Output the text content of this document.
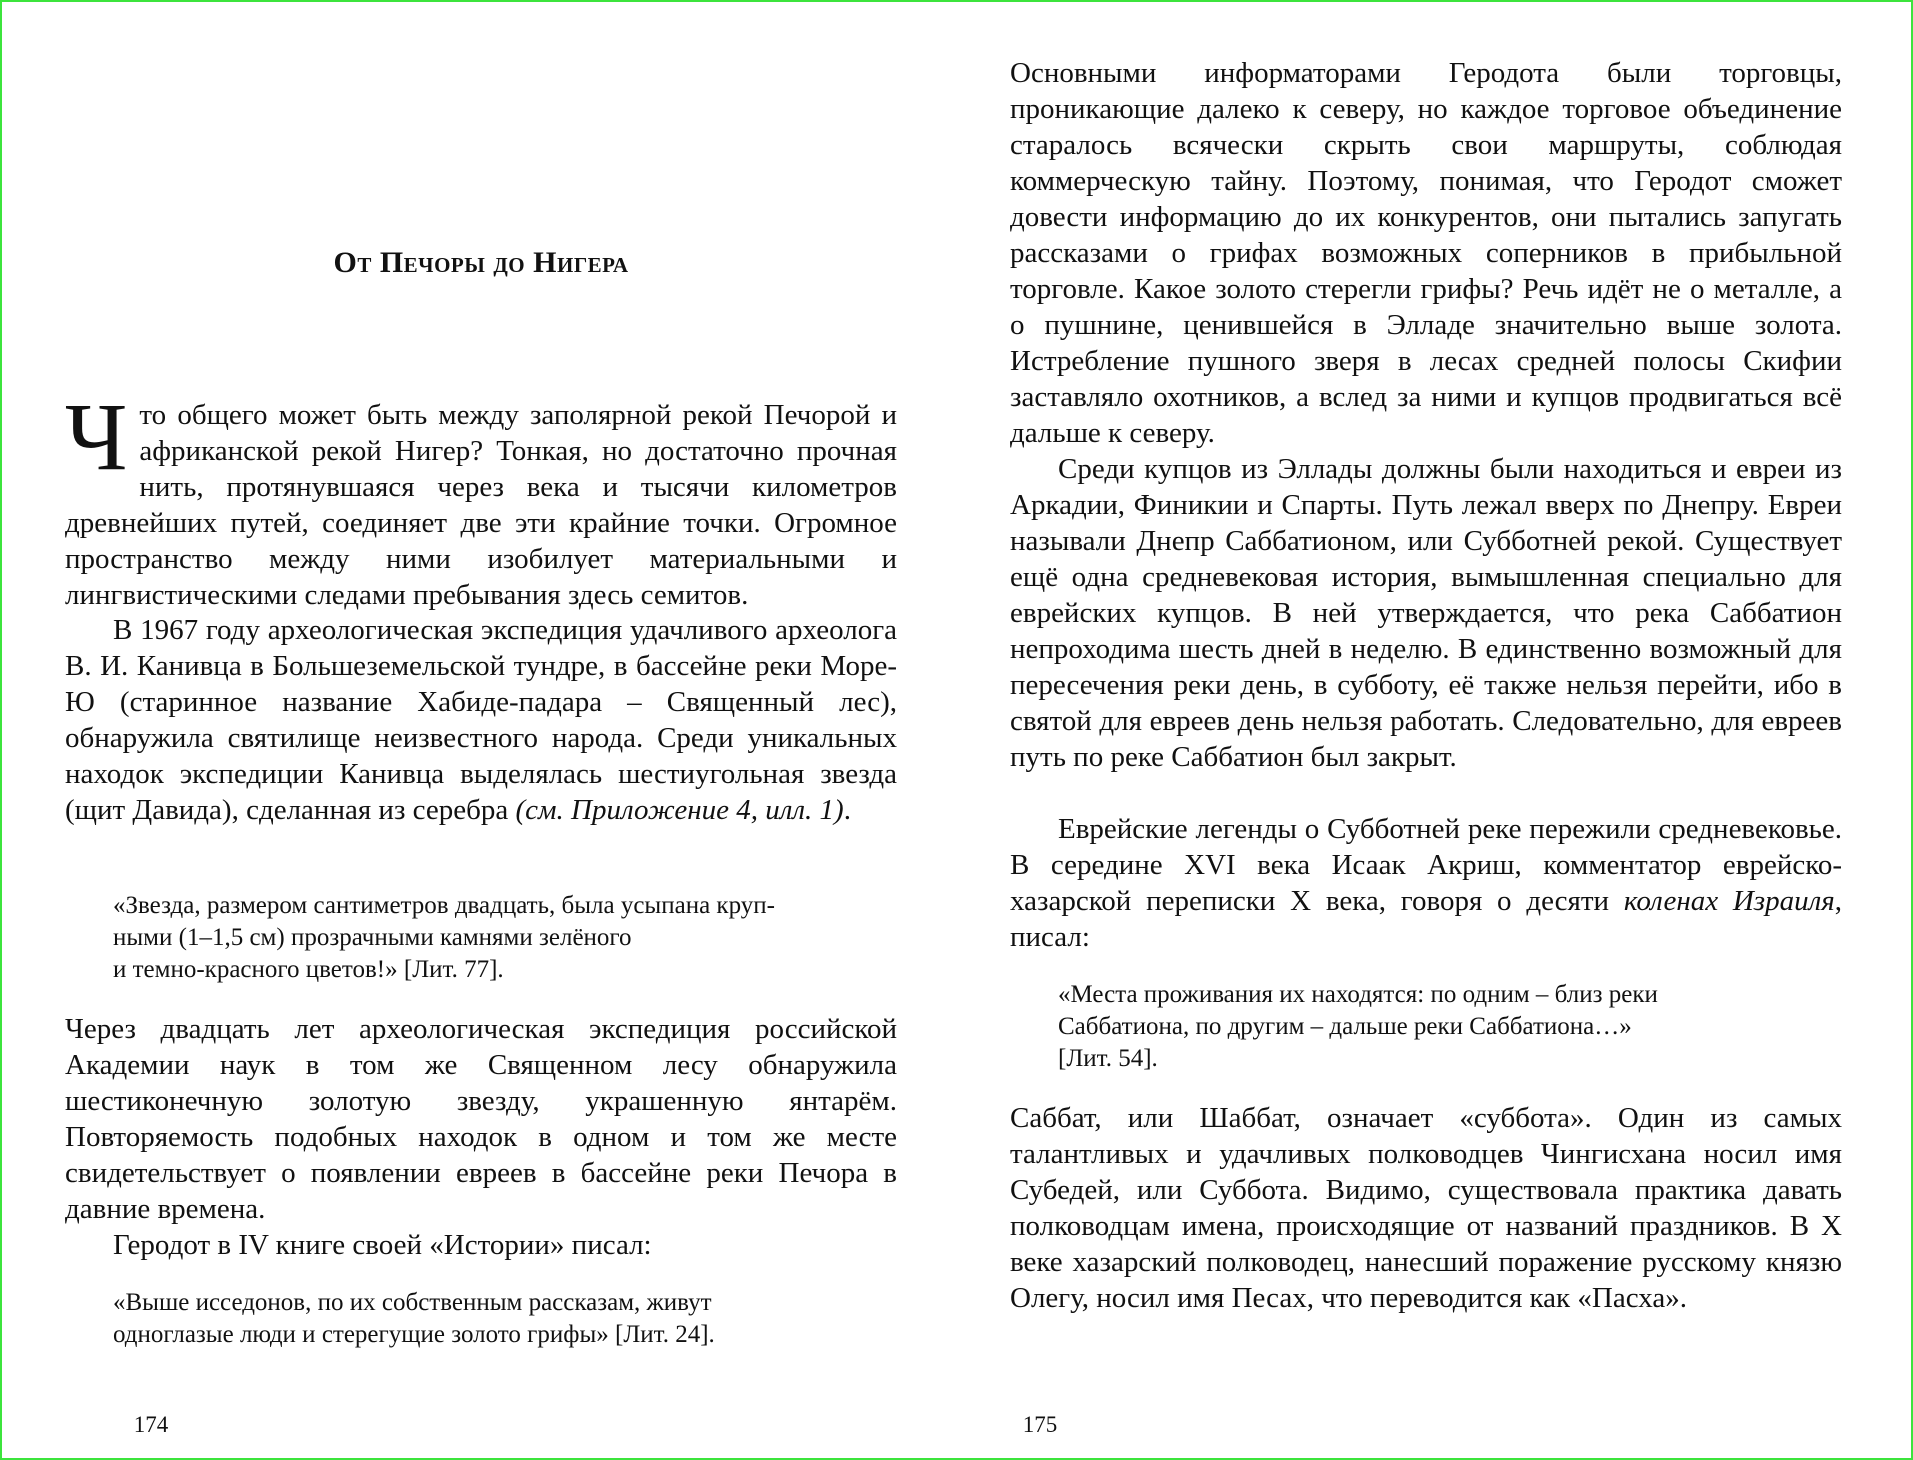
От Печоры до Нигера

Что общего может быть между заполярной рекой Печорой и африканской рекой Нигер? Тонкая, но достаточно прочная нить, протянувшаяся через века и тысячи километров древнейших путей, соединяет две эти крайние точки. Огромное пространство между ними изобилует материальными и лингвистическими следами пребывания здесь семитов.

В 1967 году археологическая экспедиция удачливого археолога В. И. Канивца в Большеземельской тундре, в бассейне реки Море-Ю (старинное название Хабиде-падара – Священный лес), обнаружила святилище неизвестного народа. Среди уникальных находок экспедиции Канивца выделялась шестиугольная звезда (щит Давида), сделанная из серебра (см. Приложение 4, илл. 1).

«Звезда, размером сантиметров двадцать, была усыпана круп-
ными (1–1,5 см) прозрачными камнями зелёного
и темно-красного цветов!» [Лит. 77].

Через двадцать лет археологическая экспедиция российской Академии наук в том же Священном лесу обнаружила шестиконечную золотую звезду, украшенную янтарём. Повторяемость подобных находок в одном и том же месте свидетельствует о появлении евреев в бассейне реки Печора в давние времена.

Геродот в IV книге своей «Истории» писал:

«Выше исседонов, по их собственным рассказам, живут
одноглазые люди и стерегущие золото грифы» [Лит. 24].

174

Основными информаторами Геродота были торговцы, проникающие далеко к северу, но каждое торговое объединение старалось всячески скрыть свои маршруты, соблюдая коммерческую тайну. Поэтому, понимая, что Геродот сможет довести информацию до их конкурентов, они пытались запугать рассказами о грифах возможных соперников в прибыльной торговле. Какое золото стерегли грифы? Речь идёт не о металле, а о пушнине, ценившейся в Элладе значительно выше золота. Истребление пушного зверя в лесах средней полосы Скифии заставляло охотников, а вслед за ними и купцов продвигаться всё дальше к северу.

Среди купцов из Эллады должны были находиться и евреи из Аркадии, Финикии и Спарты. Путь лежал вверх по Днепру. Евреи называли Днепр Саббатионом, или Субботней рекой. Существует ещё одна средневековая история, вымышленная специально для еврейских купцов. В ней утверждается, что река Саббатион непроходима шесть дней в неделю. В единственно возможный для пересечения реки день, в субботу, её также нельзя перейти, ибо в святой для евреев день нельзя работать. Следовательно, для евреев путь по реке Саббатион был закрыт.

Еврейские легенды о Субботней реке пережили средневековье. В середине XVI века Исаак Акриш, комментатор еврейско-хазарской переписки X века, говоря о десяти коленах Израиля, писал:

«Места проживания их находятся: по одним – близ реки
Саббатиона, по другим – дальше реки Саббатиона…»
[Лит. 54].

Саббат, или Шаббат, означает «суббота». Один из самых талантливых и удачливых полководцев Чингисхана носил имя Субедей, или Суббота. Видимо, существовала практика давать полководцам имена, происходящие от названий праздников. В X веке хазарский полководец, нанесший поражение русскому князю Олегу, носил имя Песах, что переводится как «Пасха».

175
